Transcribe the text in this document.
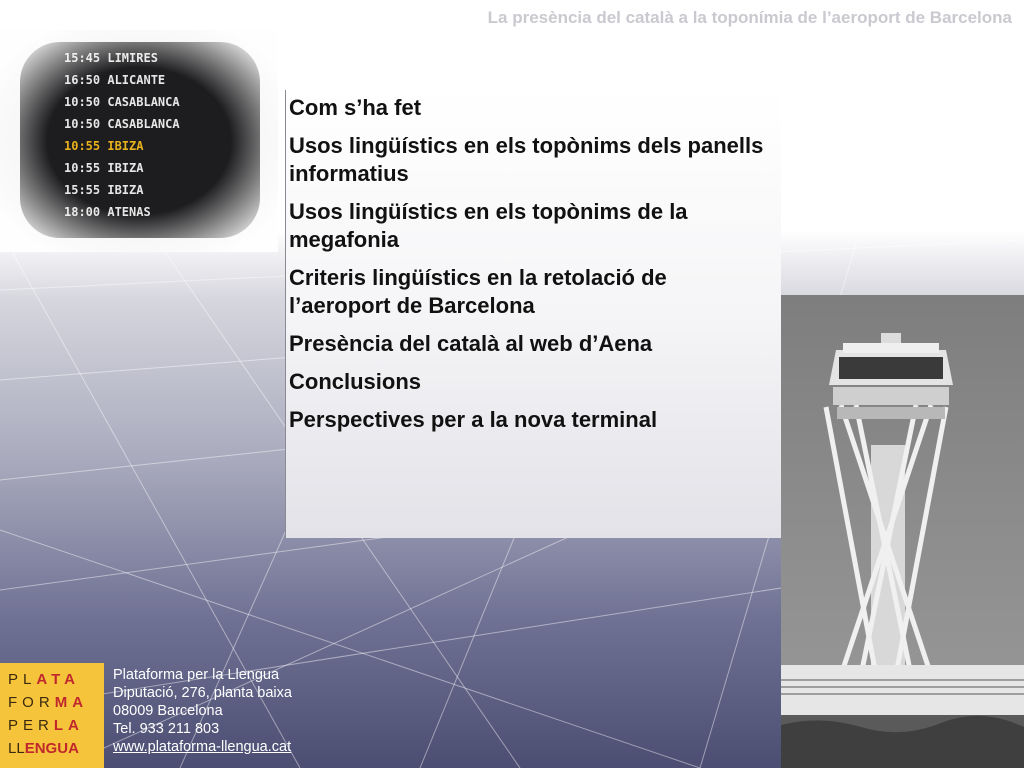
La presència del català a la toponímia de l’aeroport de Barcelona
Com s’ha fet
Usos lingüístics en els topònims dels panells informatius
Usos lingüístics en els topònims de la megafonia
Criteris lingüístics en la retolació de l’aeroport de Barcelona
Presència del català al web d’Aena
Conclusions
Perspectives per a la nova terminal
PLATA
FORMA
PERLA
LLENGUA
Plataforma per la Llengua
Diputació, 276, planta baixa
08009 Barcelona
Tel. 933 211 803
www.plataforma-llengua.cat
